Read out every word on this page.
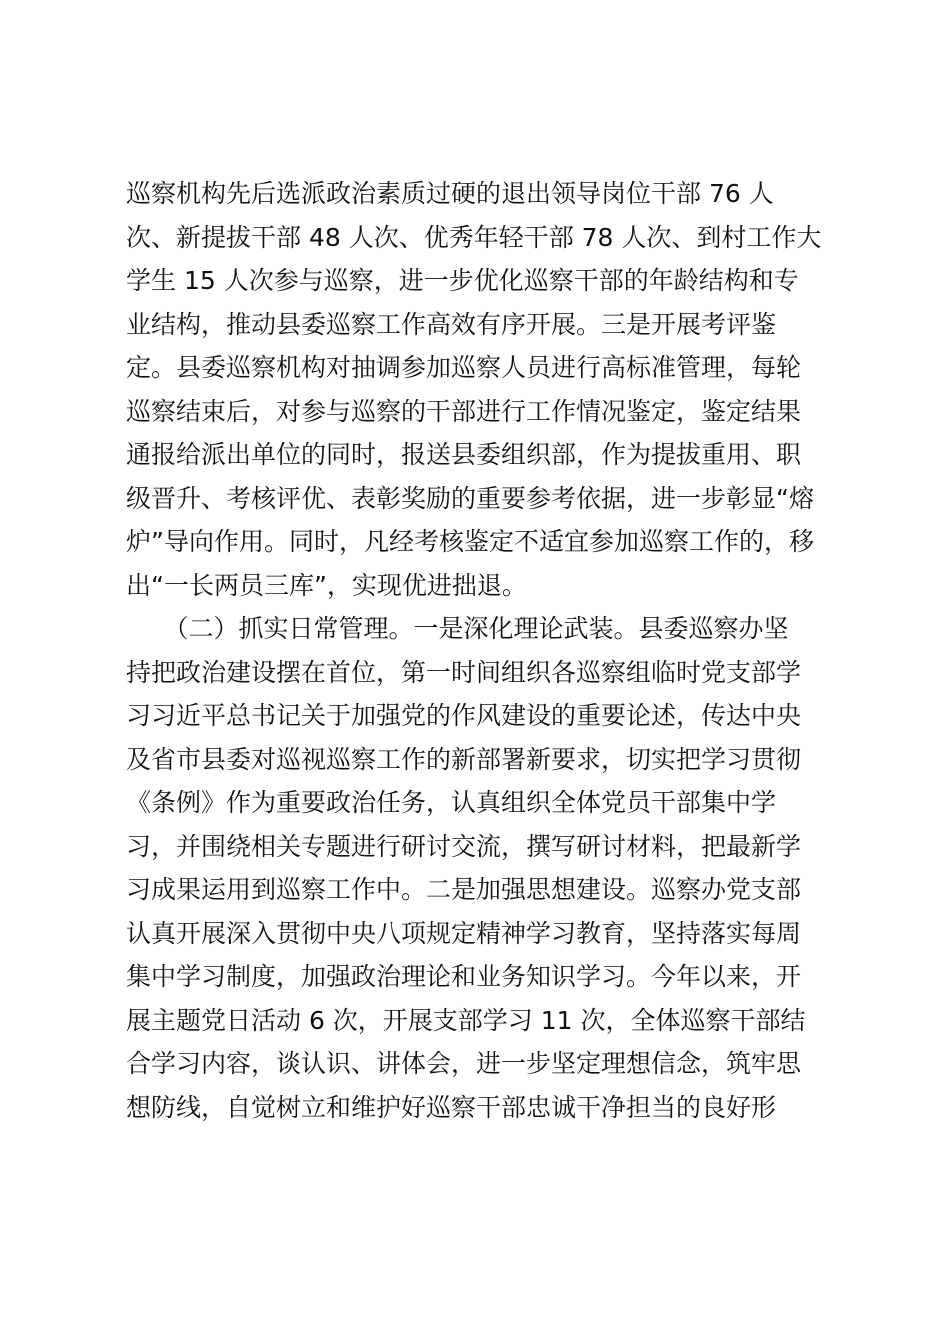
巡察机构先后选派政治素质过硬的退出领导岗位干部 76 人

次、新提拔干部 48 人次、优秀年轻干部 78 人次、到村工作大

学生 15 人次参与巡察，进一步优化巡察干部的年龄结构和专

业结构，推动县委巡察工作高效有序开展。三是开展考评鉴

定。县委巡察机构对抽调参加巡察人员进行高标准管理，每轮

巡察结束后，对参与巡察的干部进行工作情况鉴定，鉴定结果

通报给派出单位的同时，报送县委组织部，作为提拔重用、职

级晋升、考核评优、表彰奖励的重要参考依据，进一步彰显“熔

炉”导向作用。同时，凡经考核鉴定不适宜参加巡察工作的，移

出“一长两员三库”，实现优进拙退。

　　（二）抓实日常管理。一是深化理论武装。县委巡察办坚

持把政治建设摆在首位，第一时间组织各巡察组临时党支部学

习习近平总书记关于加强党的作风建设的重要论述，传达中央

及省市县委对巡视巡察工作的新部署新要求，切实把学习贯彻

《条例》作为重要政治任务，认真组织全体党员干部集中学

习，并围绕相关专题进行研讨交流，撰写研讨材料，把最新学

习成果运用到巡察工作中。二是加强思想建设。巡察办党支部

认真开展深入贯彻中央八项规定精神学习教育，坚持落实每周

集中学习制度，加强政治理论和业务知识学习。今年以来，开

展主题党日活动 6 次，开展支部学习 11 次，全体巡察干部结

合学习内容，谈认识、讲体会，进一步坚定理想信念，筑牢思

想防线，自觉树立和维护好巡察干部忠诚干净担当的良好形
